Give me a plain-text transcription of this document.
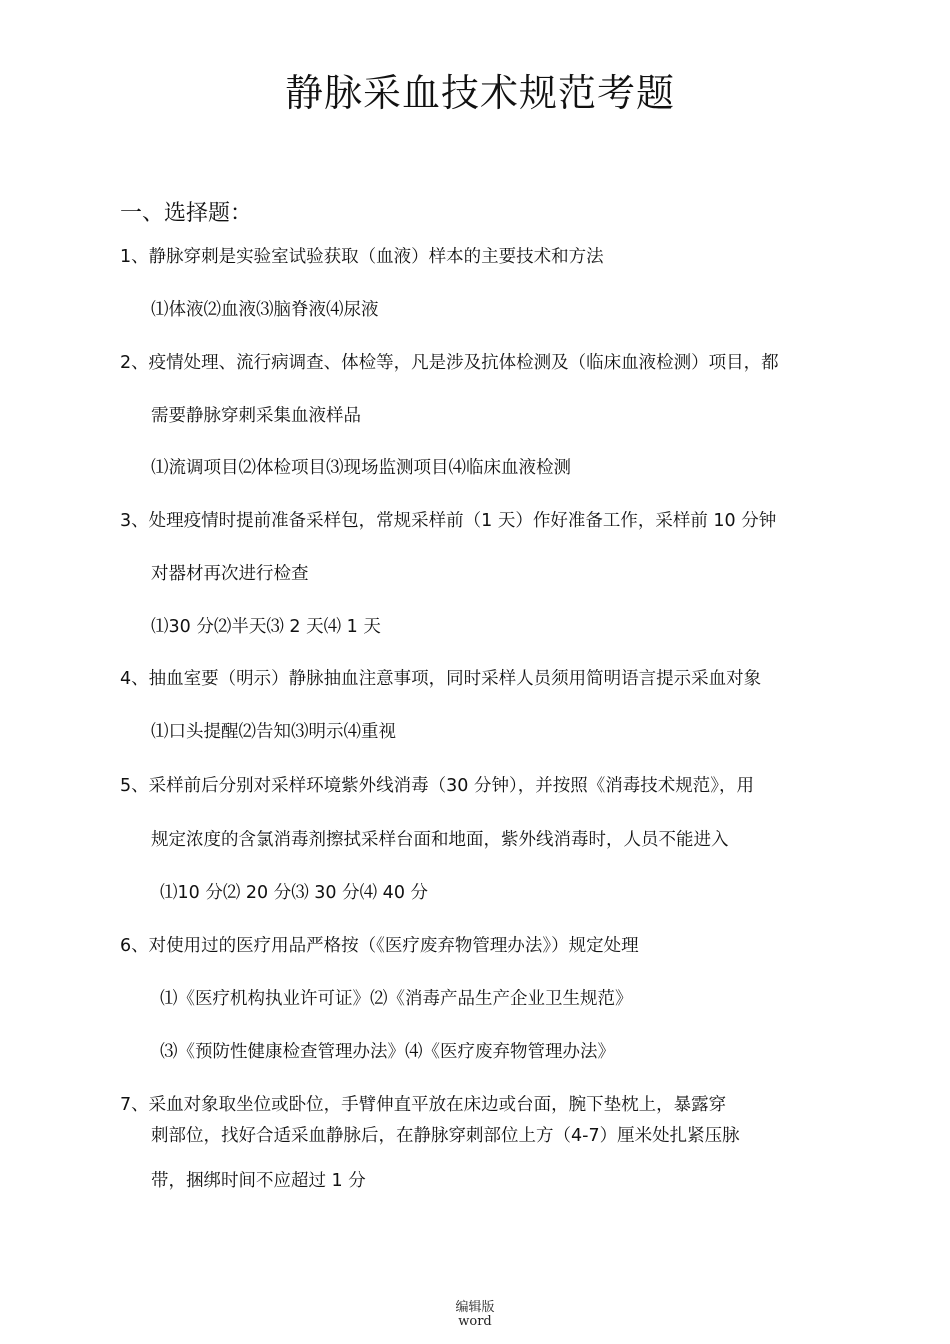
静脉采血技术规范考题
一、选择题：
1、静脉穿刺是实验室试验获取（血液）样本的主要技术和方法
⑴体液⑵血液⑶脑脊液⑷尿液
2、疫情处理、流行病调查、体检等，凡是涉及抗体检测及（临床血液检测）项目，都
需要静脉穿刺采集血液样品
⑴流调项目⑵体检项目⑶现场监测项目⑷临床血液检测
3、处理疫情时提前准备采样包，常规采样前（1 天）作好准备工作，采样前 10 分钟
对器材再次进行检查
⑴30 分⑵半天⑶ 2 天⑷ 1 天
4、抽血室要（明示）静脉抽血注意事项，同时采样人员须用简明语言提示采血对象
⑴口头提醒⑵告知⑶明示⑷重视
5、采样前后分别对采样环境紫外线消毒（30 分钟），并按照《消毒技术规范》，用
规定浓度的含氯消毒剂擦拭采样台面和地面，紫外线消毒时，人员不能进入
⑴10 分⑵ 20 分⑶ 30 分⑷ 40 分
6、对使用过的医疗用品严格按（《医疗废弃物管理办法》）规定处理
⑴《医疗机构执业许可证》⑵《消毒产品生产企业卫生规范》
⑶《预防性健康检查管理办法》⑷《医疗废弃物管理办法》
7、采血对象取坐位或卧位，手臂伸直平放在床边或台面，腕下垫枕上，暴露穿
刺部位，找好合适采血静脉后，在静脉穿刺部位上方（4-7）厘米处扎紧压脉
带，捆绑时间不应超过 1 分
编辑版
word
